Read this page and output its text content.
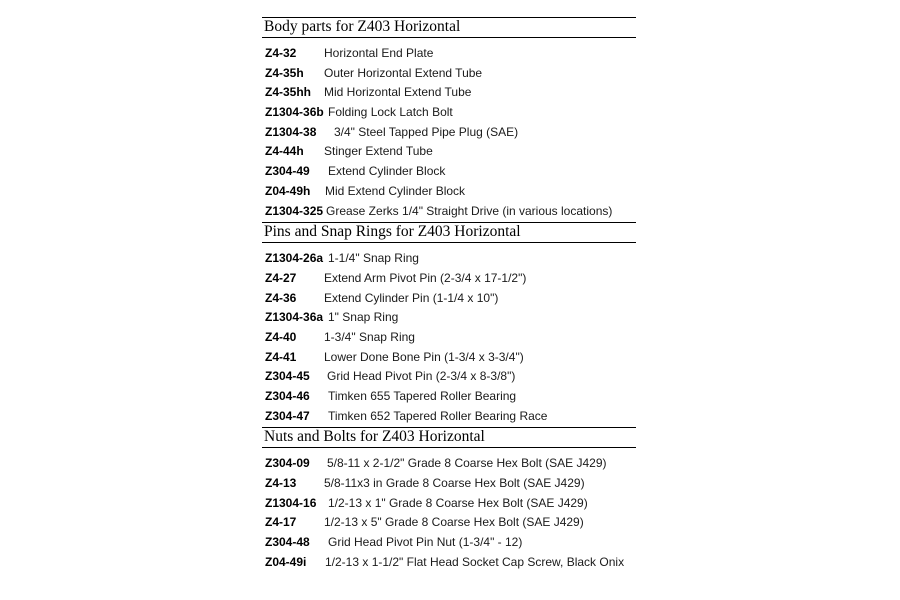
Body parts for Z403 Horizontal
Z4-32 Horizontal End Plate
Z4-35h Outer Horizontal Extend Tube
Z4-35hh Mid Horizontal Extend Tube
Z1304-36b Folding Lock Latch Bolt
Z1304-38 3/4" Steel Tapped Pipe Plug (SAE)
Z4-44h Stinger Extend Tube
Z304-49 Extend Cylinder Block
Z04-49h Mid Extend Cylinder Block
Z1304-325 Grease Zerks 1/4" Straight Drive (in various locations)
Pins and Snap Rings for Z403 Horizontal
Z1304-26a 1-1/4" Snap Ring
Z4-27 Extend Arm Pivot Pin (2-3/4 x 17-1/2")
Z4-36 Extend Cylinder Pin (1-1/4 x 10")
Z1304-36a 1" Snap Ring
Z4-40 1-3/4" Snap Ring
Z4-41 Lower Done Bone Pin (1-3/4 x 3-3/4")
Z304-45 Grid Head Pivot Pin (2-3/4 x 8-3/8")
Z304-46 Timken 655 Tapered Roller Bearing
Z304-47 Timken 652 Tapered Roller Bearing Race
Nuts and Bolts for Z403 Horizontal
Z304-09 5/8-11 x 2-1/2" Grade 8 Coarse Hex Bolt (SAE J429)
Z4-13 5/8-11x3 in Grade 8 Coarse Hex Bolt (SAE J429)
Z1304-16 1/2-13 x 1" Grade 8 Coarse Hex Bolt (SAE J429)
Z4-17 1/2-13 x 5" Grade 8 Coarse Hex Bolt (SAE J429)
Z304-48 Grid Head Pivot Pin Nut (1-3/4" - 12)
Z04-49i 1/2-13 x 1-1/2" Flat Head Socket Cap Screw, Black Onix
